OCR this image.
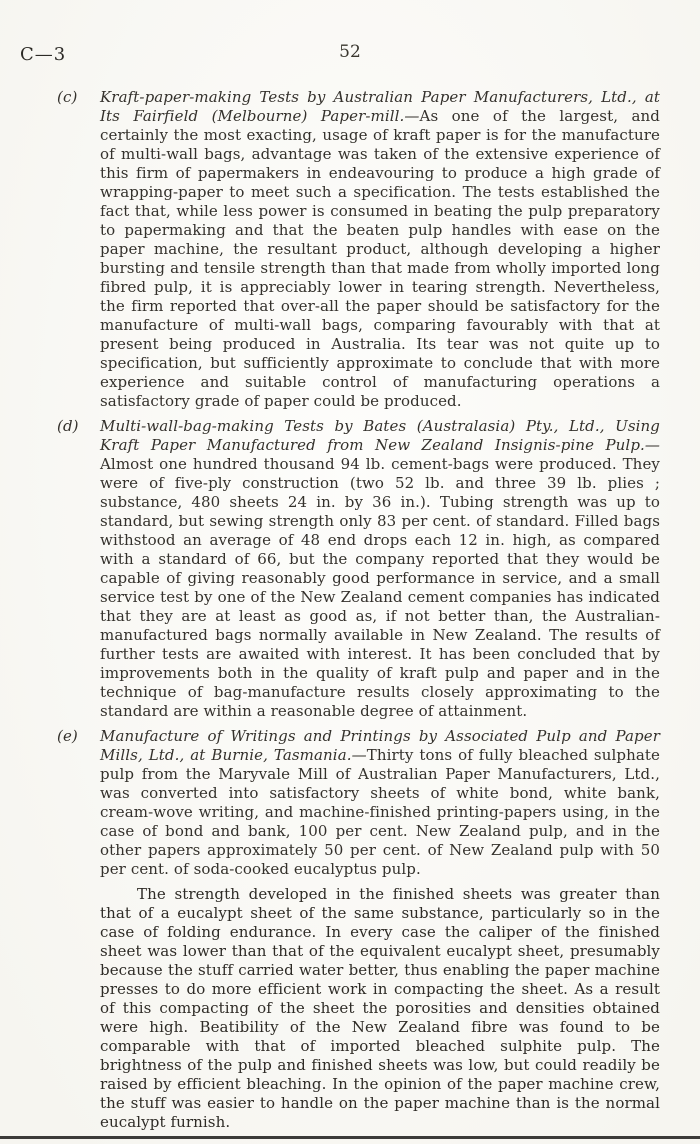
C—3	52

(c) Kraft-paper-making Tests by Australian Paper Manufacturers, Ltd., at Its Fairfield (Melbourne) Paper-mill.—As one of the largest, and certainly the most exacting, usage of kraft paper is for the manufacture of multi-wall bags, advantage was taken of the extensive experience of this firm of papermakers in endeavouring to produce a high grade of wrapping-paper to meet such a specification. The tests established the fact that, while less power is consumed in beating the pulp preparatory to papermaking and that the beaten pulp handles with ease on the paper machine, the resultant product, although developing a higher bursting and tensile strength than that made from wholly imported long fibred pulp, it is appreciably lower in tearing strength. Nevertheless, the firm reported that over-all the paper should be satisfactory for the manufacture of multi-wall bags, comparing favourably with that at present being produced in Australia. Its tear was not quite up to specification, but sufficiently approximate to conclude that with more experience and suitable control of manufacturing operations a satisfactory grade of paper could be produced.

(d) Multi-wall-bag-making Tests by Bates (Australasia) Pty., Ltd., Using Kraft Paper Manufactured from New Zealand Insignis-pine Pulp.—Almost one hundred thousand 94 lb. cement-bags were produced. They were of five-ply construction (two 52 lb. and three 39 lb. plies ; substance, 480 sheets 24 in. by 36 in.). Tubing strength was up to standard, but sewing strength only 83 per cent. of standard. Filled bags withstood an average of 48 end drops each 12 in. high, as compared with a standard of 66, but the company reported that they would be capable of giving reasonably good performance in service, and a small service test by one of the New Zealand cement companies has indicated that they are at least as good as, if not better than, the Australian-manufactured bags normally available in New Zealand. The results of further tests are awaited with interest. It has been concluded that by improvements both in the quality of kraft pulp and paper and in the technique of bag-manufacture results closely approximating to the standard are within a reasonable degree of attainment.

(e) Manufacture of Writings and Printings by Associated Pulp and Paper Mills, Ltd., at Burnie, Tasmania.—Thirty tons of fully bleached sulphate pulp from the Maryvale Mill of Australian Paper Manufacturers, Ltd., was converted into satisfactory sheets of white bond, white bank, cream-wove writing, and machine-finished printing-papers using, in the case of bond and bank, 100 per cent. New Zealand pulp, and in the other papers approximately 50 per cent. of New Zealand pulp with 50 per cent. of soda-cooked eucalyptus pulp.

The strength developed in the finished sheets was greater than that of a eucalypt sheet of the same substance, particularly so in the case of folding endurance. In every case the caliper of the finished sheet was lower than that of the equivalent eucalypt sheet, presumably because the stuff carried water better, thus enabling the paper machine presses to do more efficient work in compacting the sheet. As a result of this compacting of the sheet the porosities and densities obtained were high. Beatibility of the New Zealand fibre was found to be comparable with that of imported bleached sulphite pulp. The brightness of the pulp and finished sheets was low, but could readily be raised by efficient bleaching. In the opinion of the paper machine crew, the stuff was easier to handle on the paper machine than is the normal eucalypt furnish.
